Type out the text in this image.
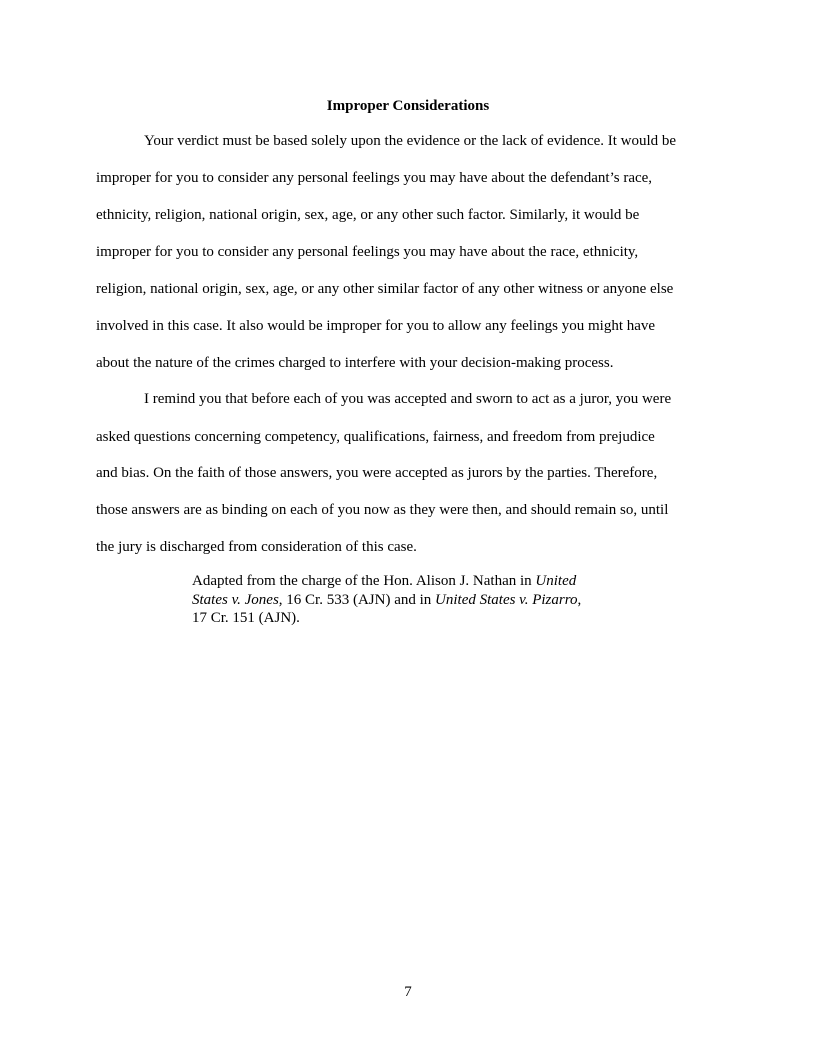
Improper Considerations
Your verdict must be based solely upon the evidence or the lack of evidence. It would be
improper for you to consider any personal feelings you may have about the defendant’s race,
ethnicity, religion, national origin, sex, age, or any other such factor. Similarly, it would be
improper for you to consider any personal feelings you may have about the race, ethnicity,
religion, national origin, sex, age, or any other similar factor of any other witness or anyone else
involved in this case. It also would be improper for you to allow any feelings you might have
about the nature of the crimes charged to interfere with your decision-making process.
I remind you that before each of you was accepted and sworn to act as a juror, you were
asked questions concerning competency, qualifications, fairness, and freedom from prejudice
and bias. On the faith of those answers, you were accepted as jurors by the parties. Therefore,
those answers are as binding on each of you now as they were then, and should remain so, until
the jury is discharged from consideration of this case.
Adapted from the charge of the Hon. Alison J. Nathan in United
States v. Jones, 16 Cr. 533 (AJN) and in United States v. Pizarro,
17 Cr. 151 (AJN).
7
